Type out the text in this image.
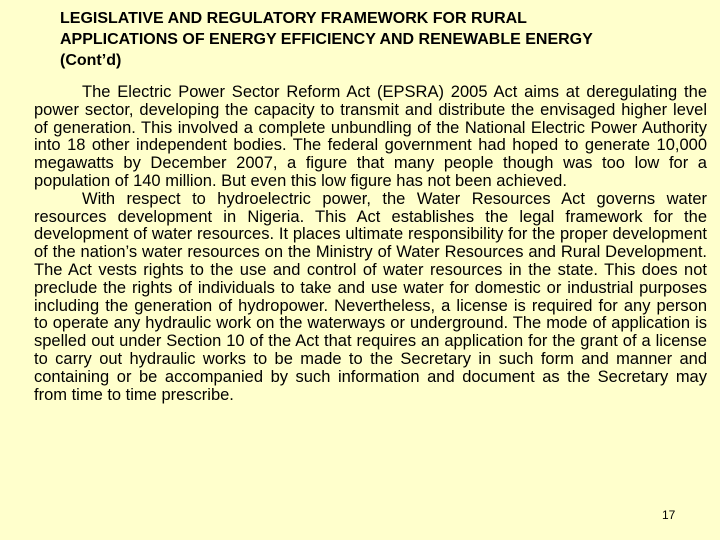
LEGISLATIVE AND REGULATORY FRAMEWORK FOR RURAL
APPLICATIONS OF ENERGY EFFICIENCY AND RENEWABLE ENERGY
(Cont’d)

The Electric Power Sector Reform Act (EPSRA) 2005 Act aims at deregulating the power sector, developing the capacity to transmit and distribute the envisaged higher level of generation. This involved a complete unbundling of the National Electric Power Authority into 18 other independent bodies. The federal government had hoped to generate 10,000 megawatts by December 2007, a figure that many people though was too low for a population of 140 million. But even this low figure has not been achieved.

With respect to hydroelectric power, the Water Resources Act governs water resources development in Nigeria. This Act establishes the legal framework for the development of water resources. It places ultimate responsibility for the proper development of the nation’s water resources on the Ministry of Water Resources and Rural Development. The Act vests rights to the use and control of water resources in the state. This does not preclude the rights of individuals to take and use water for domestic or industrial purposes including the generation of hydropower. Nevertheless, a license is required for any person to operate any hydraulic work on the waterways or underground. The mode of application is spelled out under Section 10 of the Act that requires an application for the grant of a license to carry out hydraulic works to be made to the Secretary in such form and manner and containing or be accompanied by such information and document as the Secretary may from time to time prescribe.

17
